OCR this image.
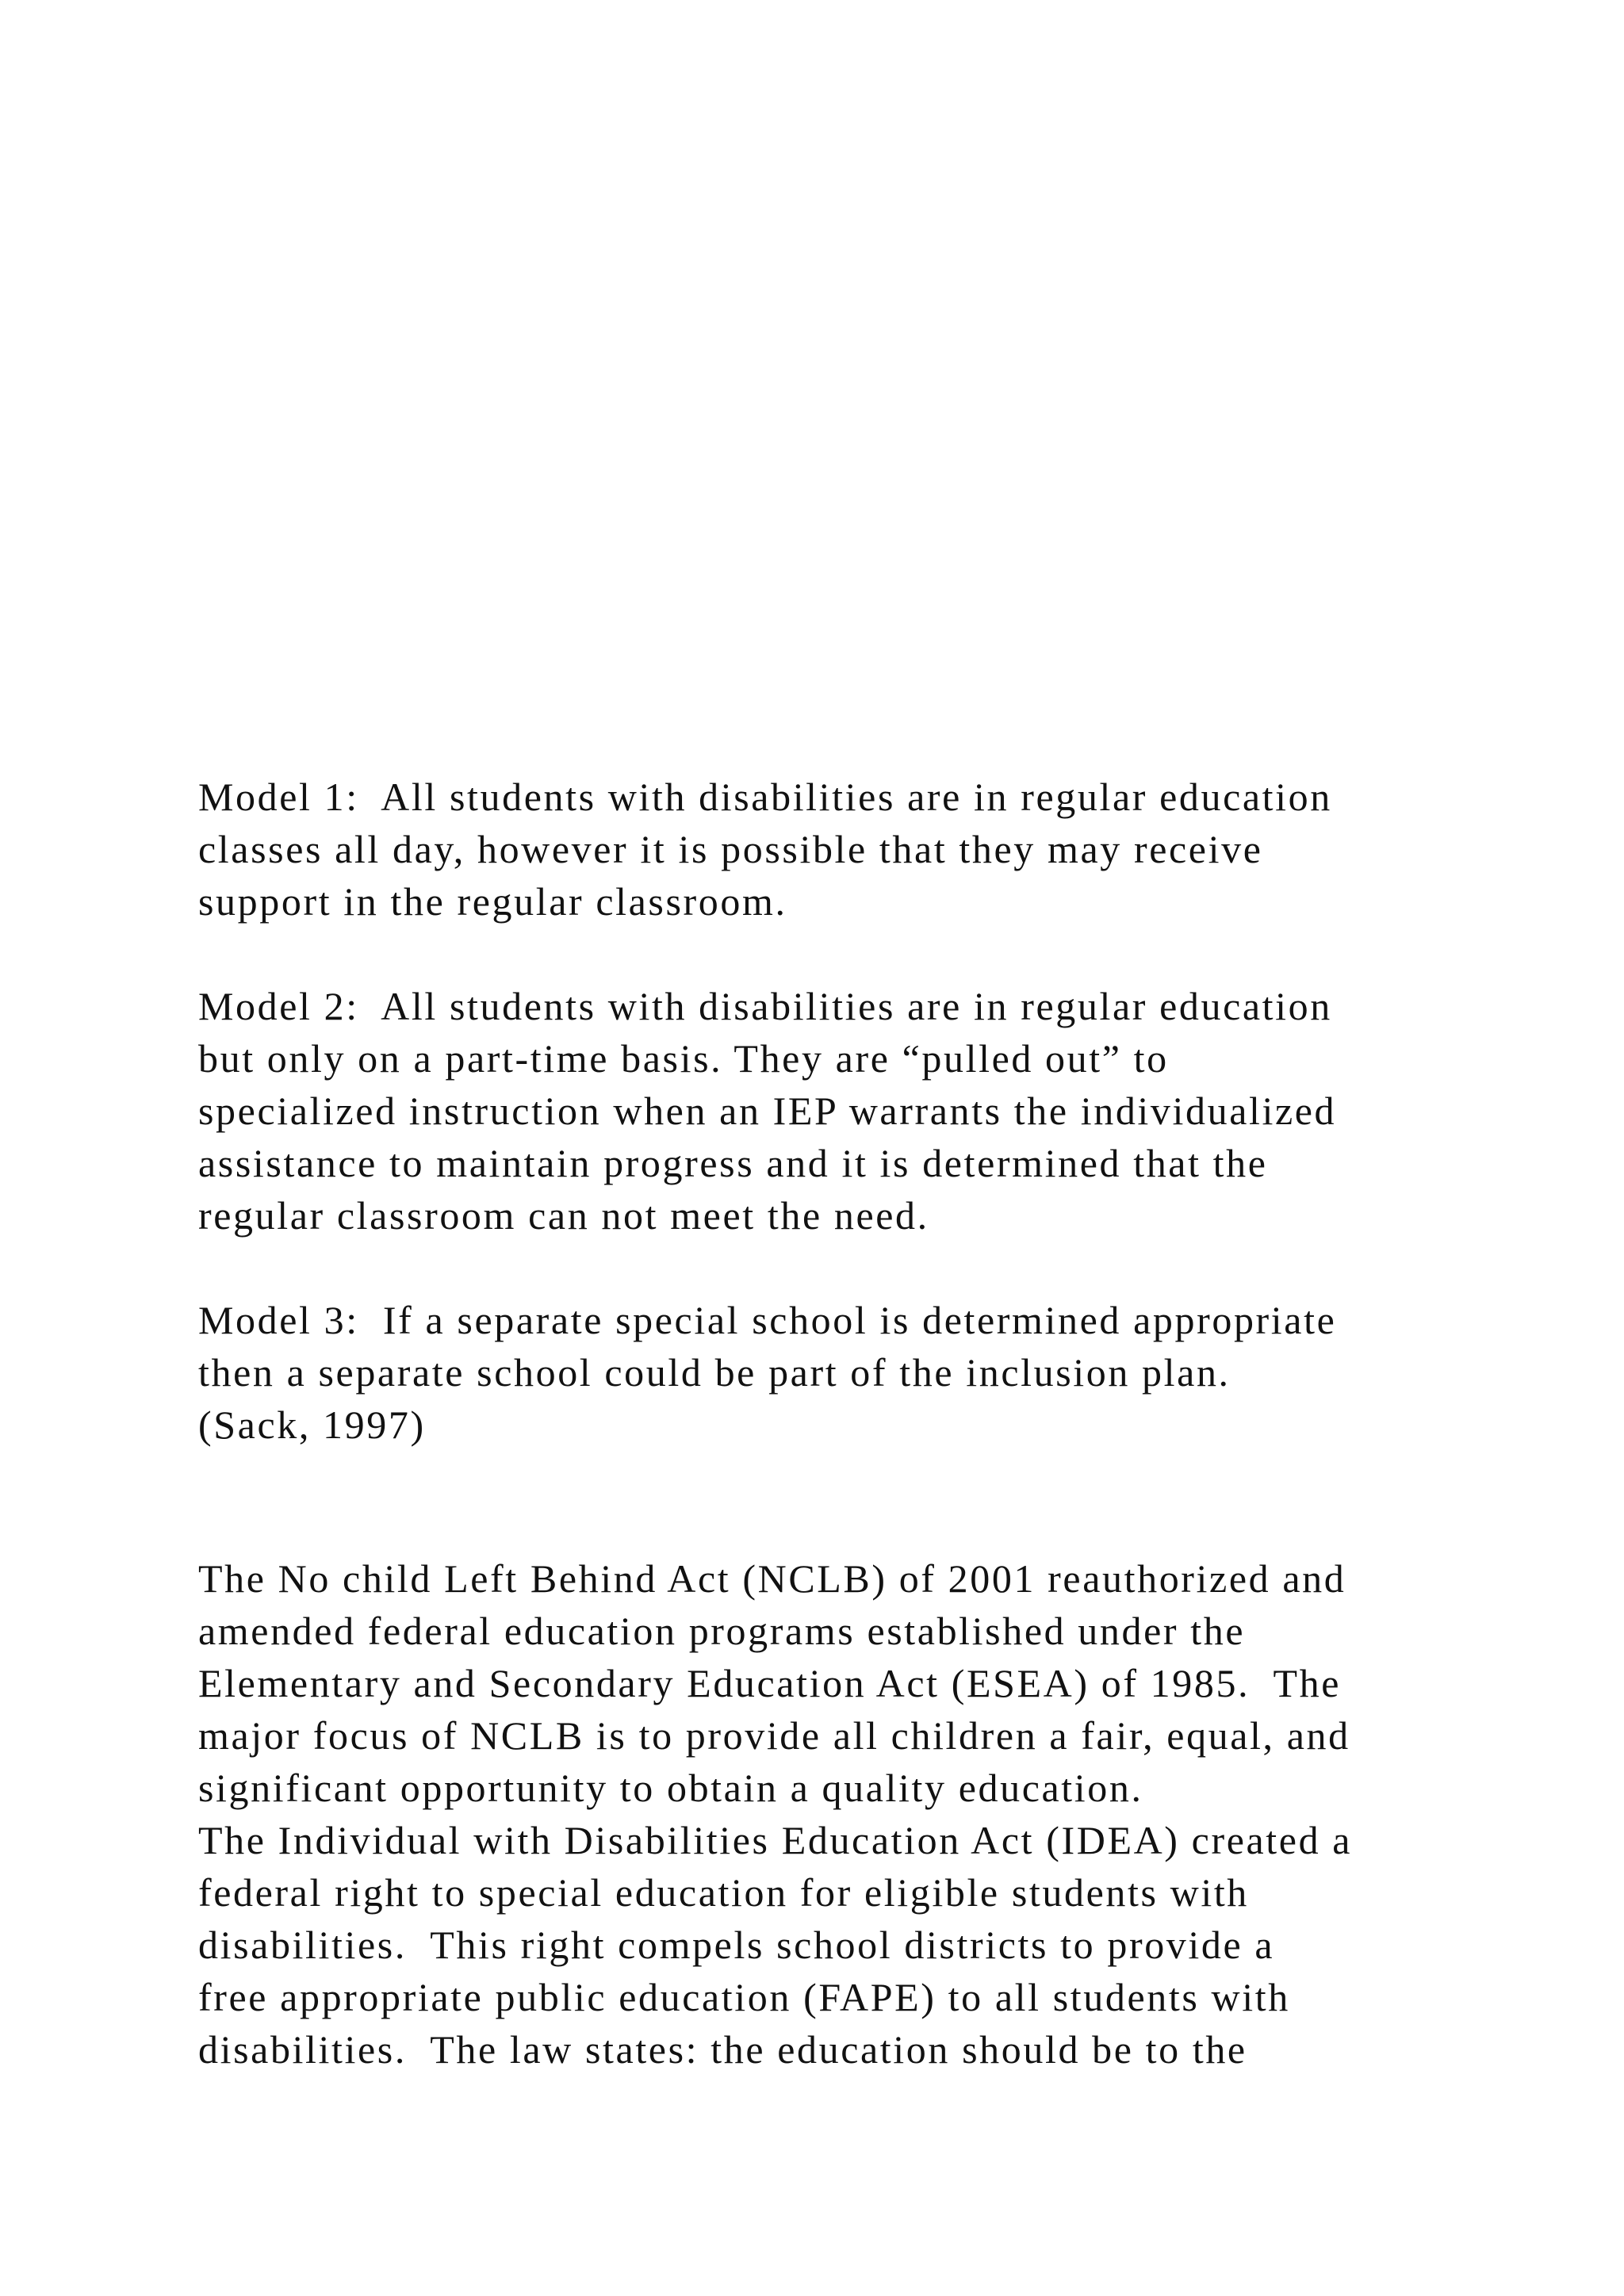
Model 1:  All students with disabilities are in regular education
classes all day, however it is possible that they may receive
support in the regular classroom.
Model 2:  All students with disabilities are in regular education
but only on a part-time basis. They are “pulled out” to
specialized instruction when an IEP warrants the individualized
assistance to maintain progress and it is determined that the
regular classroom can not meet the need.
Model 3:  If a separate special school is determined appropriate
then a separate school could be part of the inclusion plan.
(Sack, 1997)
The No child Left Behind Act (NCLB) of 2001 reauthorized and
amended federal education programs established under the
Elementary and Secondary Education Act (ESEA) of 1985.  The
major focus of NCLB is to provide all children a fair, equal, and
significant opportunity to obtain a quality education.
The Individual with Disabilities Education Act (IDEA) created a
federal right to special education for eligible students with
disabilities.  This right compels school districts to provide a
free appropriate public education (FAPE) to all students with
disabilities.  The law states: the education should be to the
